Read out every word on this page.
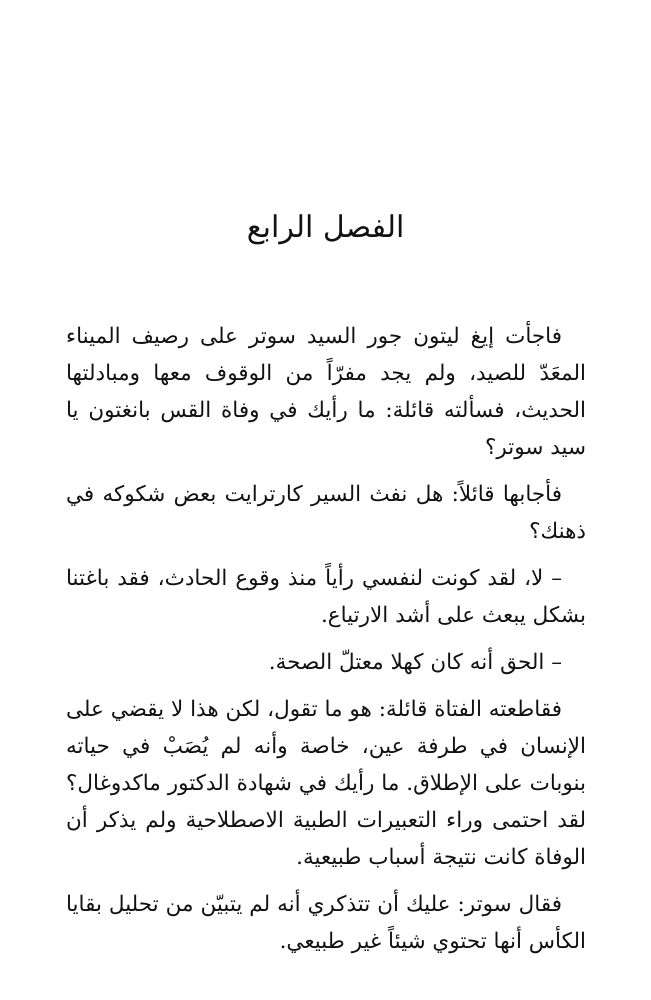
الفصل الرابع

فاجأت إيغ ليتون جور السيد سوتر على رصيف الميناء المعَدّ للصيد، ولم يجد مفرّاً من الوقوف معها ومبادلتها الحديث، فسألته قائلة: ما رأيك في وفاة القس بانغتون يا سيد سوتر؟

فأجابها قائلاً: هل نفث السير كارترايت بعض شكوكه في ذهنك؟

– لا، لقد كونت لنفسي رأياً منذ وقوع الحادث، فقد باغتنا بشكل يبعث على أشد الارتياع.

– الحق أنه كان كهلا معتلّ الصحة.

فقاطعته الفتاة قائلة: هو ما تقول، لكن هذا لا يقضي على الإنسان في طرفة عين، خاصة وأنه لم يُصَبْ في حياته بنوبات على الإطلاق. ما رأيك في شهادة الدكتور ماكدوغال؟ لقد احتمى وراء التعبيرات الطبية الاصطلاحية ولم يذكر أن الوفاة كانت نتيجة أسباب طبيعية.

فقال سوتر: عليك أن تتذكري أنه لم يتبيّن من تحليل بقايا الكأس أنها تحتوي شيئاً غير طبيعي.
